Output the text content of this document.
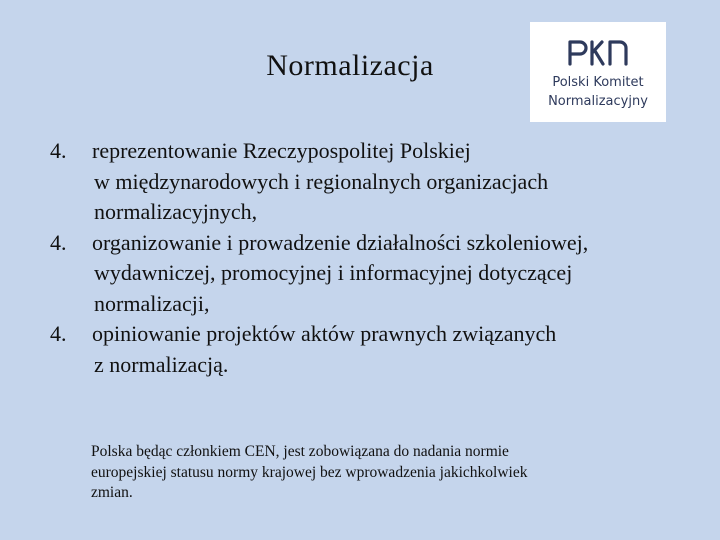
Normalizacja
Polski Komitet
Normalizacyjny
4.	reprezentowanie Rzeczypospolitej Polskiej
w międzynarodowych i regionalnych organizacjach
normalizacyjnych,
4.	organizowanie i prowadzenie działalności szkoleniowej,
wydawniczej, promocyjnej i informacyjnej dotyczącej
normalizacji,
4.	opiniowanie projektów aktów prawnych związanych
z normalizacją.
Polska będąc członkiem CEN, jest zobowiązana do nadania normie
europejskiej statusu normy krajowej bez wprowadzenia jakichkolwiek
zmian.
